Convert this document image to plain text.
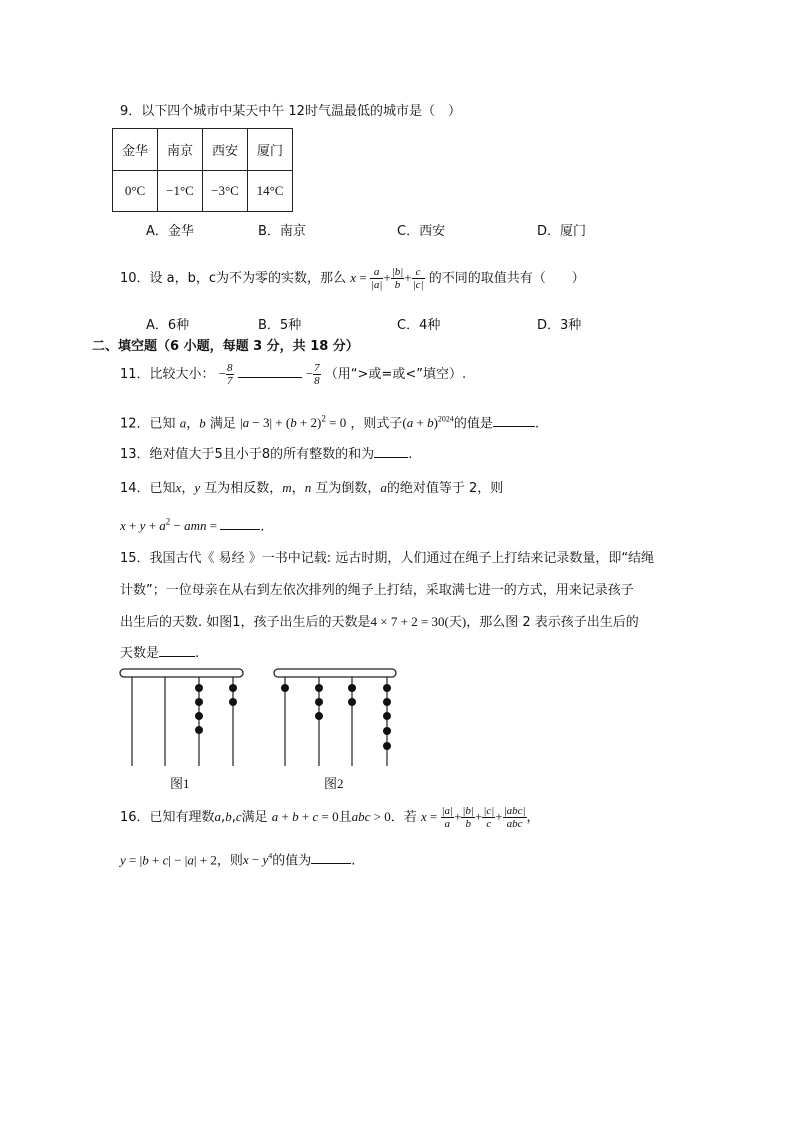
9．以下四个城市中某天中午 12时气温最低的城市是（　）
金华	南京	西安	厦门
0°C	−1°C	−3°C	14°C
A．金华	B．南京	C．西安	D．厦门
10．设 a，b，c为不为零的实数，那么 $x = \frac{a}{|a|} + \frac{|b|}{b} + \frac{c}{|c|}$ 的不同的取值共有（　　）
A．6种	B．5种	C．4种	D．3种
二、填空题（6 小题，每题 3 分，共 18 分）
11．比较大小： − $\frac{8}{7}$	− $\frac{7}{8}$ （用“>或=或<”填空）.
12．已知 a，b 满足 $|a - 3| + (b + 2)^2 = 0$ ，则式子$(a + b)^{2024}$的值是	.
13．绝对值大于5且小于8的所有整数的和为	.
14．已知x，y 互为相反数，m，n 互为倒数，a的绝对值等于 2，则
$x + y + a^2$ − amn =	.
15．我国古代《 易经 》一书中记载: 远古时期，人们通过在绳子上打结来记录数量，即“结绳
计数”；一位母亲在从右到左依次排列的绳子上打结，采取满七进一的方式，用来记录孩子
出生后的天数. 如图1，孩子出生后的天数是4 × 7 + 2 = 30(天)，那么图 2 表示孩子出生后的
天数是	.
图1	图2
16．已知有理数a,b,c满足 a + b + c = 0且abc > 0．若 $x = \frac{|a|}{a} + \frac{|b|}{b} + \frac{|c|}{c} + \frac{\text{|abc|}}{\text{abc}}$ ，
y = |b + c| − |a| + 2，则$x - y^4$的值为	.
